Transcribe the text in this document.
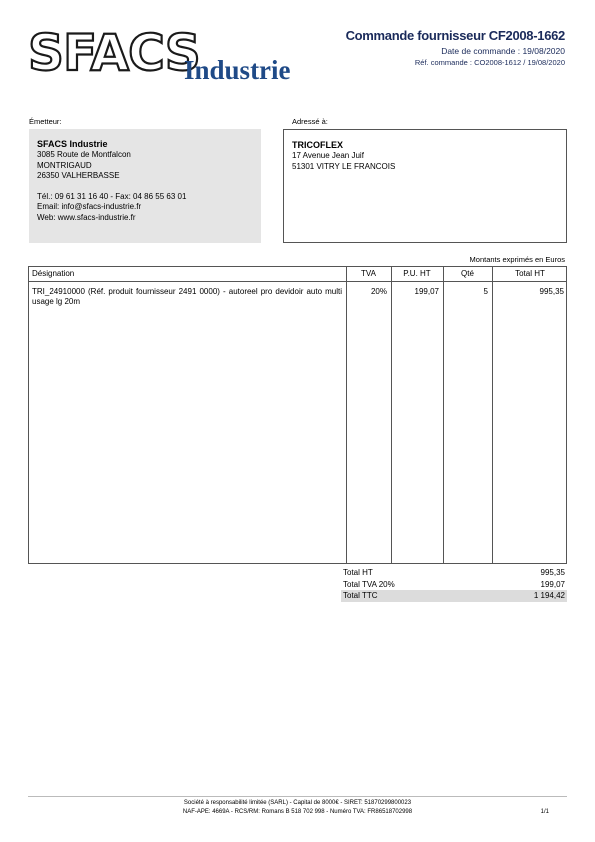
SFACS
Industrie
Commande fournisseur CF2008-1662
Date de commande : 19/08/2020
Réf. commande : CO2008-1612 / 19/08/2020
Émetteur:	Adressé à:
SFACS Industrie
3085 Route de Montfalcon
MONTRIGAUD
26350 VALHERBASSE
Tél.: 09 61 31 16 40 - Fax: 04 86 55 63 01
Email: info@sfacs-industrie.fr
Web: www.sfacs-industrie.fr
TRICOFLEX
17 Avenue Jean Juif
51301 VITRY LE FRANCOIS
Montants exprimés en Euros
Désignation	TVA	P.U. HT	Qté	Total HT
TRI_24910000 (Réf. produit fournisseur 2491 0000) - autoreel pro devidoir auto multi usage lg 20m
20%	199,07	5	995,35
Total HT	995,35
Total TVA 20%	199,07
Total TTC	1 194,42
Société à responsabilité limitée (SARL) - Capital de 8000€ - SIRET: 51870299800023
NAF-APE: 4669A - RCS/RM: Romans B 518 702 998 - Numéro TVA: FR86518702998	1/1
